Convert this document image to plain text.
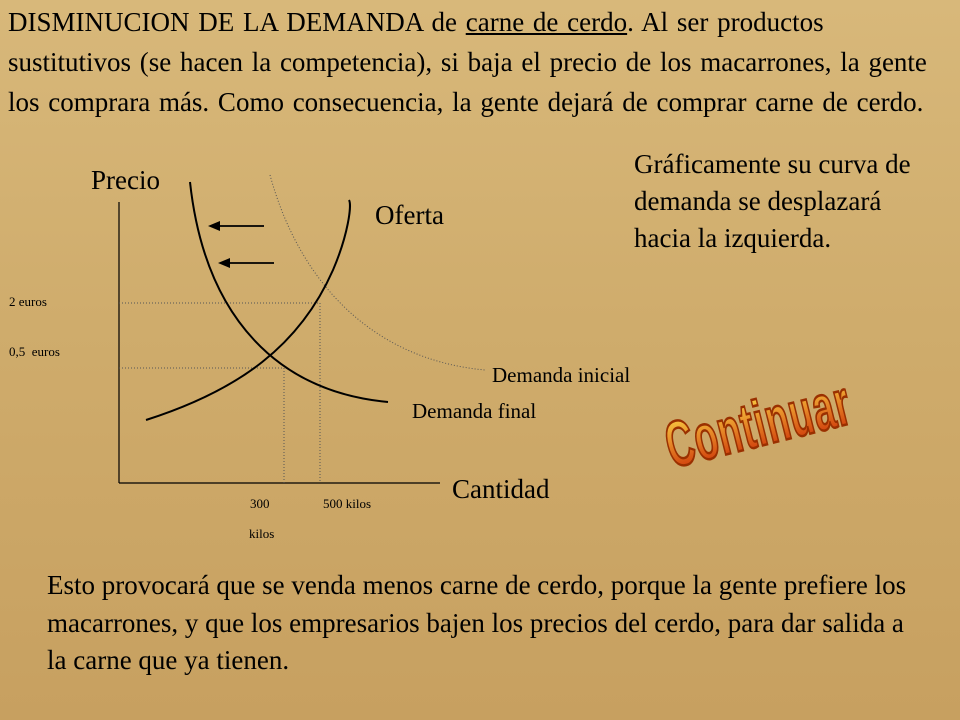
DISMINUCION DE LA DEMANDA de carne de cerdo. Al ser productos sustitutivos (se hacen la competencia), si baja el precio de los macarrones, la gente los comprara más. Como consecuencia, la gente dejará de comprar carne de cerdo.
Gráficamente su curva de demanda se desplazará hacia la izquierda.
Precio
Cantidad
Oferta
Demanda inicial
Demanda final
2 euros
0,5  euros
300
kilos
500 kilos
Continuar
Esto provocará que se venda menos carne de cerdo, porque la gente prefiere los macarrones, y que los empresarios bajen los precios del cerdo, para dar salida a la carne que ya tienen.
